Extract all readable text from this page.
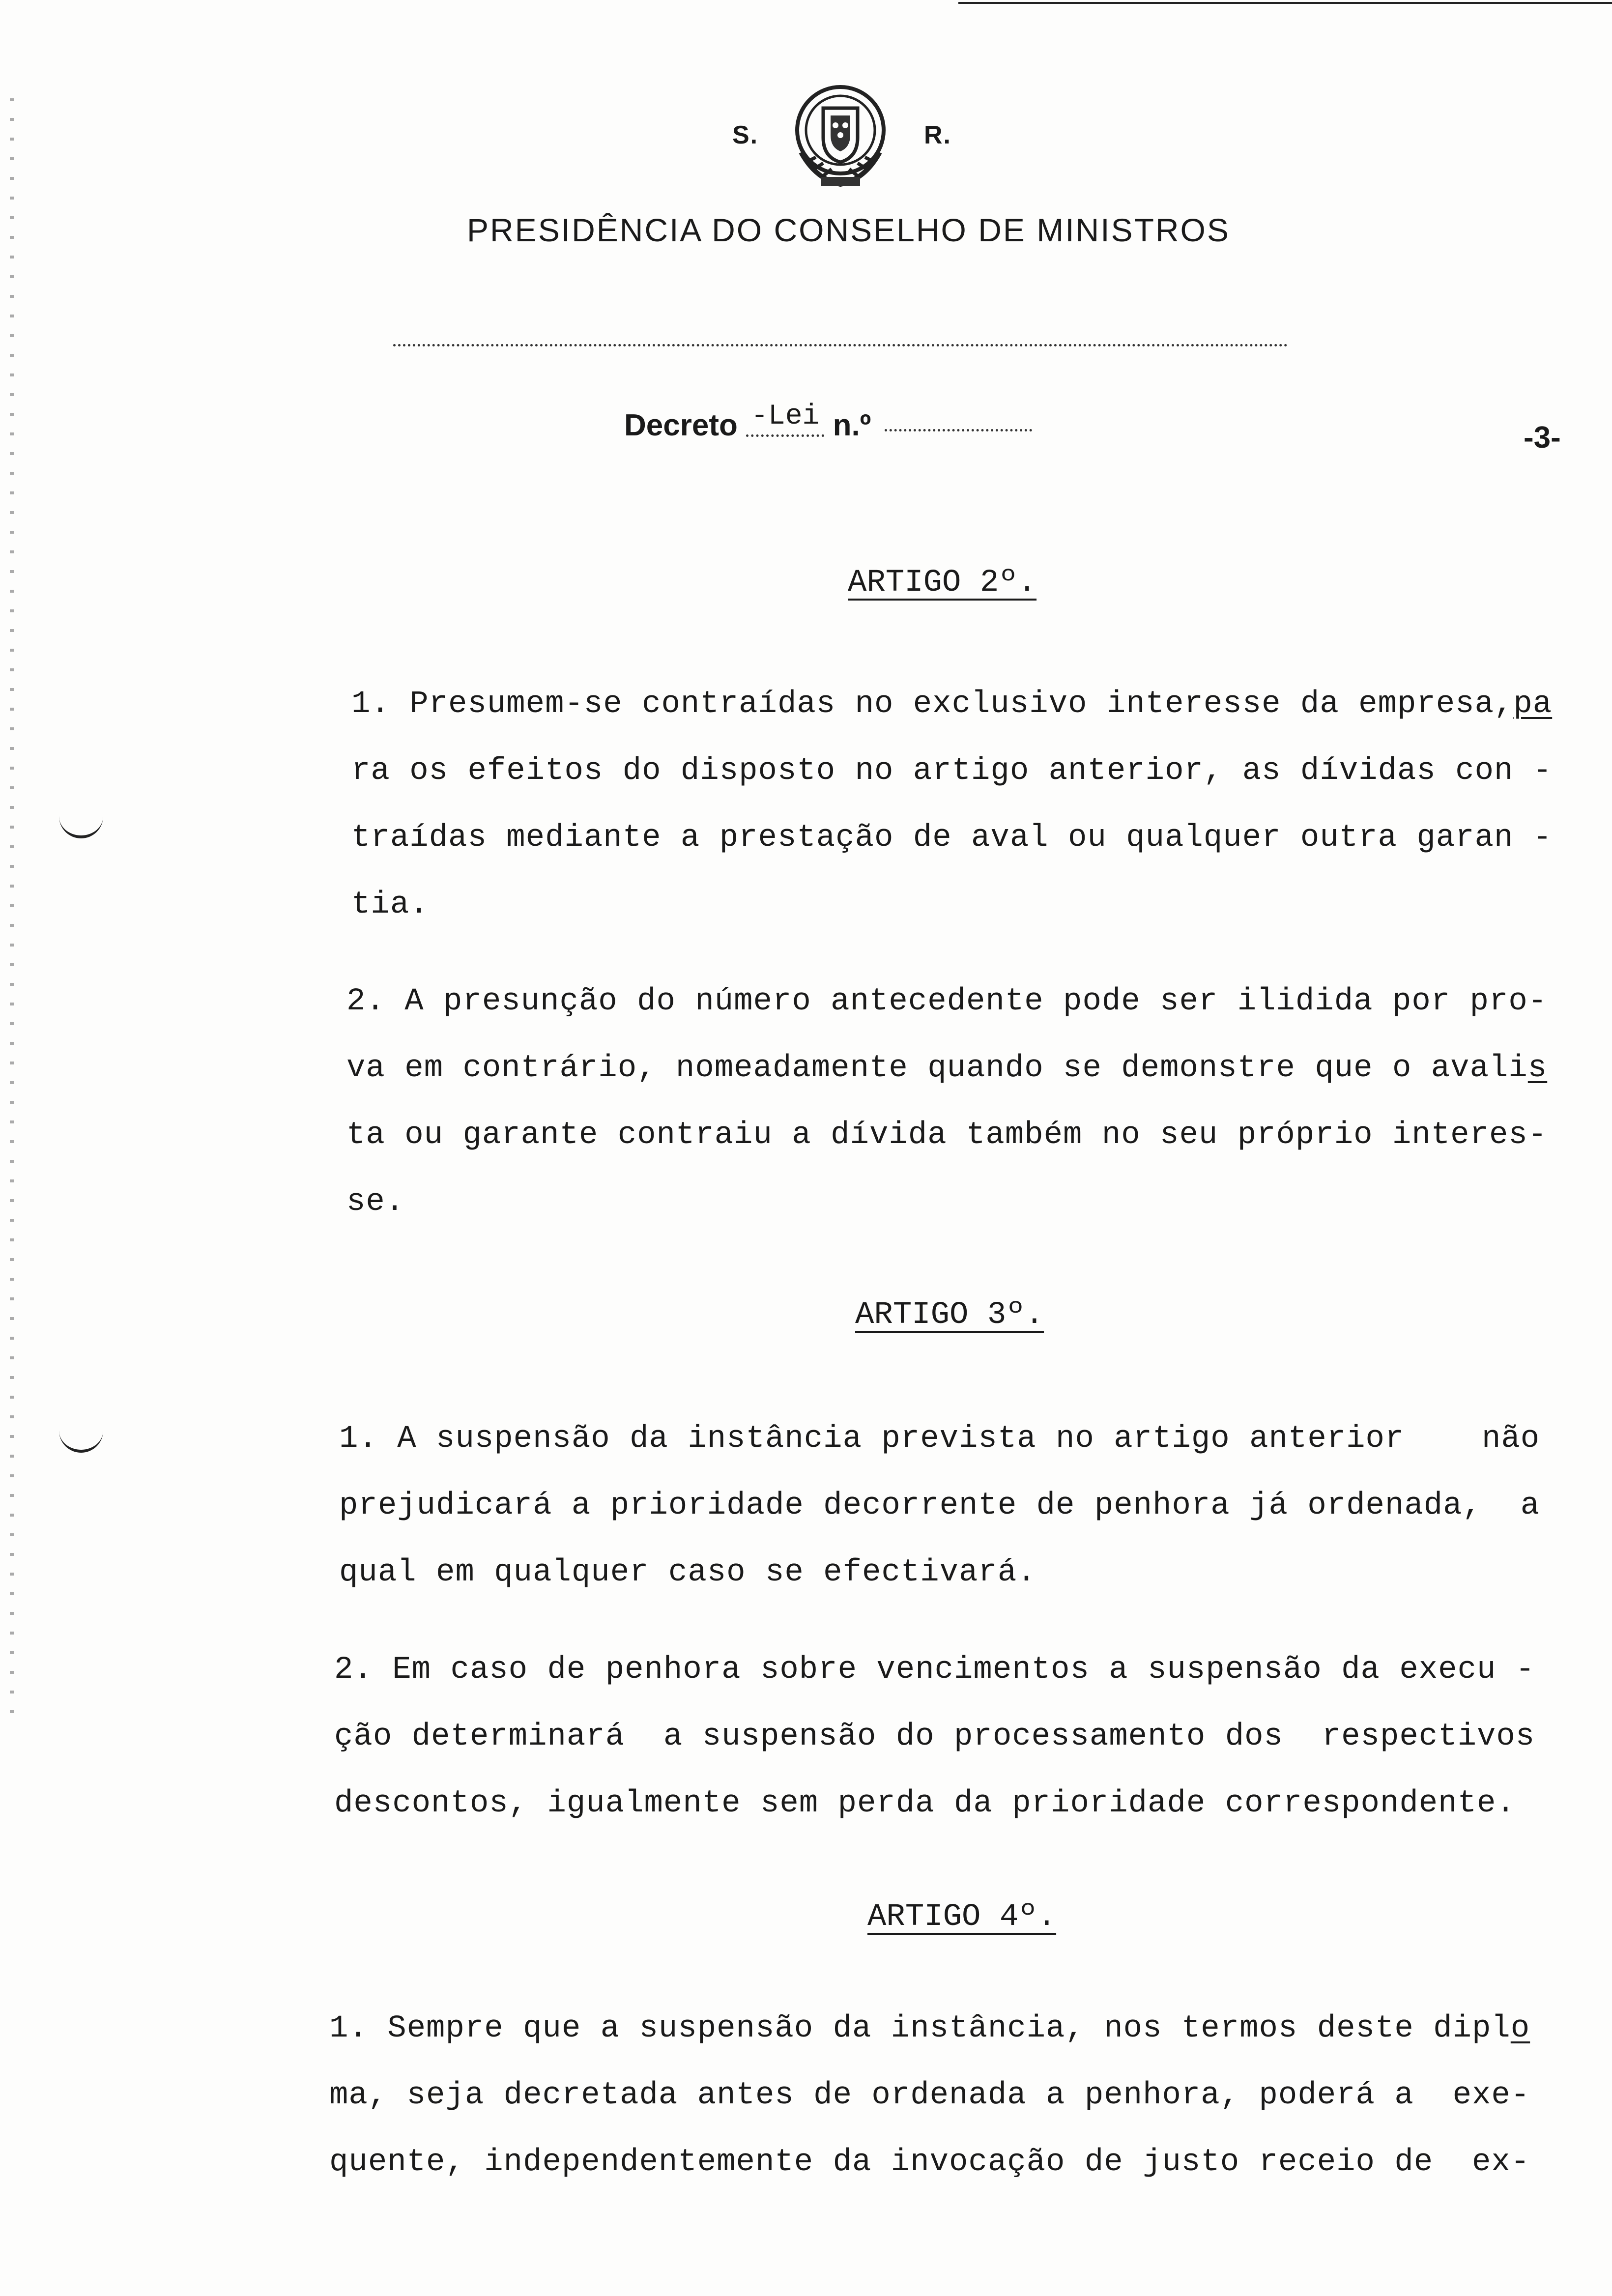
S.	R.
PRESIDÊNCIA DO CONSELHO DE MINISTROS
Decreto -Lei n.º	-3-
ARTIGO 2º.
1. Presumem-se contraídas no exclusivo interesse da empresa,pa
ra os efeitos do disposto no artigo anterior, as dívidas con -
traídas mediante a prestação de aval ou qualquer outra garan -
tia.
2. A presunção do número antecedente pode ser ilidida por pro-
va em contrário, nomeadamente quando se demonstre que o avalis
ta ou garante contraiu a dívida também no seu próprio interes-
se.
ARTIGO 3º.
1. A suspensão da instância prevista no artigo anterior    não
prejudicará a prioridade decorrente de penhora já ordenada,  a
qual em qualquer caso se efectivará.
2. Em caso de penhora sobre vencimentos a suspensão da execu -
ção determinará  a suspensão do processamento dos  respectivos
descontos, igualmente sem perda da prioridade correspondente.
ARTIGO 4º.
1. Sempre que a suspensão da instância, nos termos deste diplo
ma, seja decretada antes de ordenada a penhora, poderá a  exe-
quente, independentemente da invocação de justo receio de  ex-
